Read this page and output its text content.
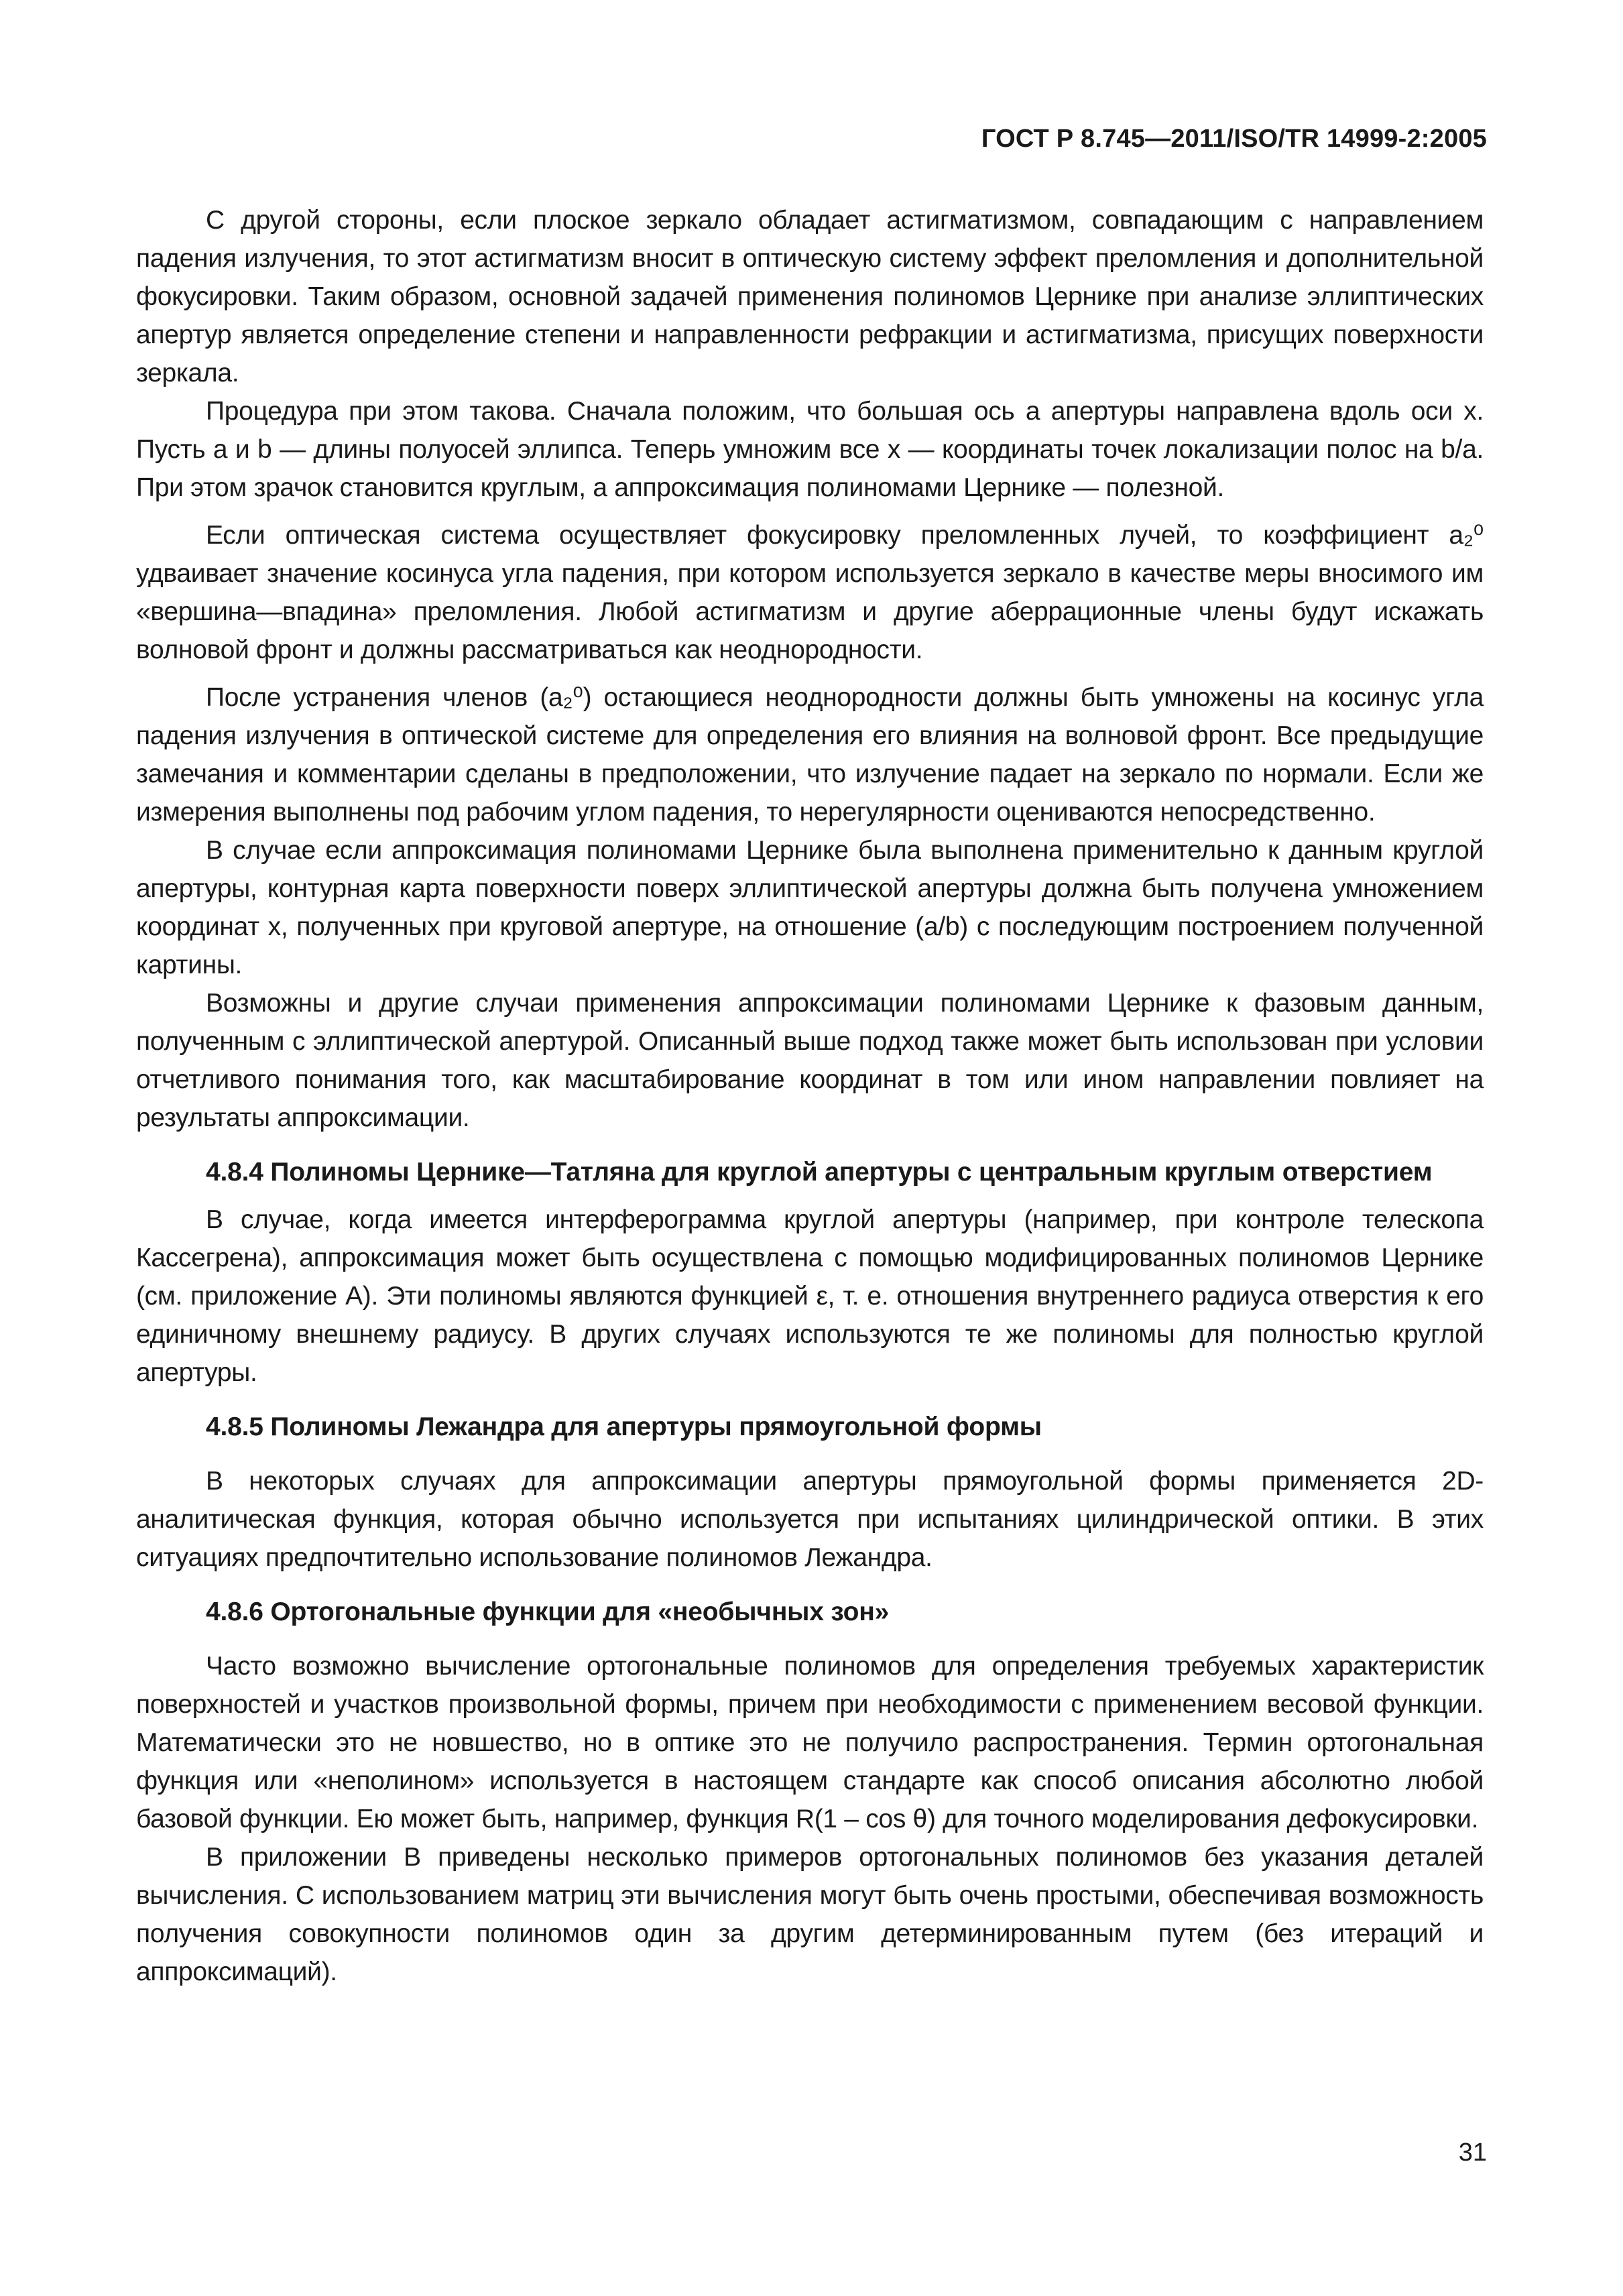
ГОСТ Р 8.745—2011/ISO/TR 14999-2:2005

С другой стороны, если плоское зеркало обладает астигматизмом, совпадающим с направлением падения излучения, то этот астигматизм вносит в оптическую систему эффект преломления и дополнительной фокусировки. Таким образом, основной задачей применения полиномов Цернике при анализе эллиптических апертур является определение степени и направленности рефракции и астигматизма, присущих поверхности зеркала.

Процедура при этом такова. Сначала положим, что большая ось a апертуры направлена вдоль оси x. Пусть a и b — длины полуосей эллипса. Теперь умножим все x — координаты точек локализации полос на b/a. При этом зрачок становится круглым, а аппроксимация полиномами Цернике — полезной.

Если оптическая система осуществляет фокусировку преломленных лучей, то коэффициент a₂⁰ удваивает значение косинуса угла падения, при котором используется зеркало в качестве меры вносимого им «вершина—впадина» преломления. Любой астигматизм и другие аберрационные члены будут искажать волновой фронт и должны рассматриваться как неоднородности.

После устранения членов (a₂⁰) остающиеся неоднородности должны быть умножены на косинус угла падения излучения в оптической системе для определения его влияния на волновой фронт. Все предыдущие замечания и комментарии сделаны в предположении, что излучение падает на зеркало по нормали. Если же измерения выполнены под рабочим углом падения, то нерегулярности оцениваются непосредственно.

В случае если аппроксимация полиномами Цернике была выполнена применительно к данным круглой апертуры, контурная карта поверхности поверх эллиптической апертуры должна быть получена умножением координат x, полученных при круговой апертуре, на отношение (a/b) с последующим построением полученной картины.

Возможны и другие случаи применения аппроксимации полиномами Цернике к фазовым данным, полученным с эллиптической апертурой. Описанный выше подход также может быть использован при условии отчетливого понимания того, как масштабирование координат в том или ином направлении повлияет на результаты аппроксимации.

4.8.4 Полиномы Цернике—Татляна для круглой апертуры с центральным круглым отверстием

В случае, когда имеется интерферограмма круглой апертуры (например, при контроле телескопа Кассегрена), аппроксимация может быть осуществлена с помощью модифицированных полиномов Цернике (см. приложение А). Эти полиномы являются функцией ε, т. е. отношения внутреннего радиуса отверстия к его единичному внешнему радиусу. В других случаях используются те же полиномы для полностью круглой апертуры.

4.8.5 Полиномы Лежандра для апертуры прямоугольной формы

В некоторых случаях для аппроксимации апертуры прямоугольной формы применяется 2D-аналитическая функция, которая обычно используется при испытаниях цилиндрической оптики. В этих ситуациях предпочтительно использование полиномов Лежандра.

4.8.6 Ортогональные функции для «необычных зон»

Часто возможно вычисление ортогональные полиномов для определения требуемых характеристик поверхностей и участков произвольной формы, причем при необходимости с применением весовой функции. Математически это не новшество, но в оптике это не получило распространения. Термин ортогональная функция или «неполином» используется в настоящем стандарте как способ описания абсолютно любой базовой функции. Ею может быть, например, функция R(1 – cos θ) для точного моделирования дефокусировки.

В приложении В приведены несколько примеров ортогональных полиномов без указания деталей вычисления. С использованием матриц эти вычисления могут быть очень простыми, обеспечивая возможность получения совокупности полиномов один за другим детерминированным путем (без итераций и аппроксимаций).

31
